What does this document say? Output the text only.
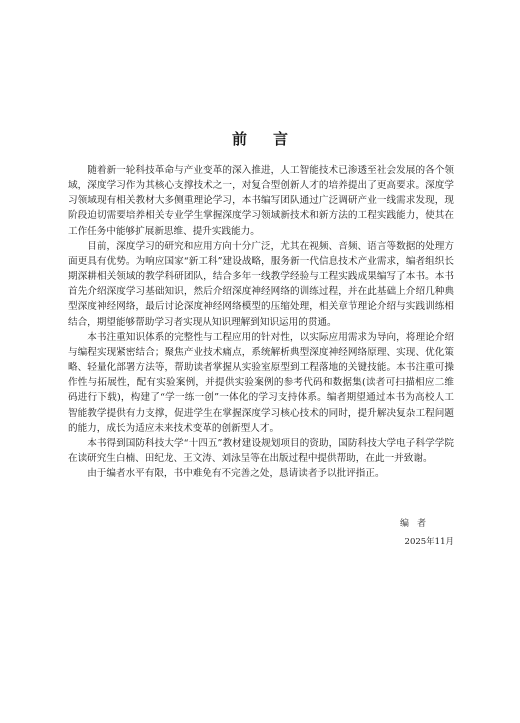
前言

随着新一轮科技革命与产业变革的深入推进，人工智能技术已渗透至社会发展的各个领域，深度学习作为其核心支撑技术之一，对复合型创新人才的培养提出了更高要求。深度学习领域现有相关教材大多侧重理论学习，本书编写团队通过广泛调研产业一线需求发现，现阶段迫切需要培养相关专业学生掌握深度学习领域新技术和新方法的工程实践能力，使其在工作任务中能够扩展新思维、提升实践能力。

目前，深度学习的研究和应用方向十分广泛，尤其在视频、音频、语言等数据的处理方面更具有优势。为响应国家“新工科”建设战略，服务新一代信息技术产业需求，编者组织长期深耕相关领域的教学科研团队，结合多年一线教学经验与工程实践成果编写了本书。本书首先介绍深度学习基础知识，然后介绍深度神经网络的训练过程，并在此基础上介绍几种典型深度神经网络，最后讨论深度神经网络模型的压缩处理，相关章节理论介绍与实践训练相结合，期望能够帮助学习者实现从知识理解到知识运用的贯通。

本书注重知识体系的完整性与工程应用的针对性，以实际应用需求为导向，将理论介绍与编程实现紧密结合；聚焦产业技术痛点，系统解析典型深度神经网络原理、实现、优化策略、轻量化部署方法等，帮助读者掌握从实验室原型到工程落地的关键技能。本书注重可操作性与拓展性，配有实验案例，并提供实验案例的参考代码和数据集(读者可扫描相应二维码进行下载)，构建了“学一练一创”一体化的学习支持体系。编者期望通过本书为高校人工智能教学提供有力支撑，促进学生在掌握深度学习核心技术的同时，提升解决复杂工程问题的能力，成长为适应未来技术变革的创新型人才。

本书得到国防科技大学“十四五”教材建设规划项目的资助，国防科技大学电子科学学院在读研究生白楠、田纪龙、王文涛、刘泳呈等在出版过程中提供帮助，在此一并致谢。

由于编者水平有限，书中难免有不完善之处，恳请读者予以批评指正。

编者
2025年11月
